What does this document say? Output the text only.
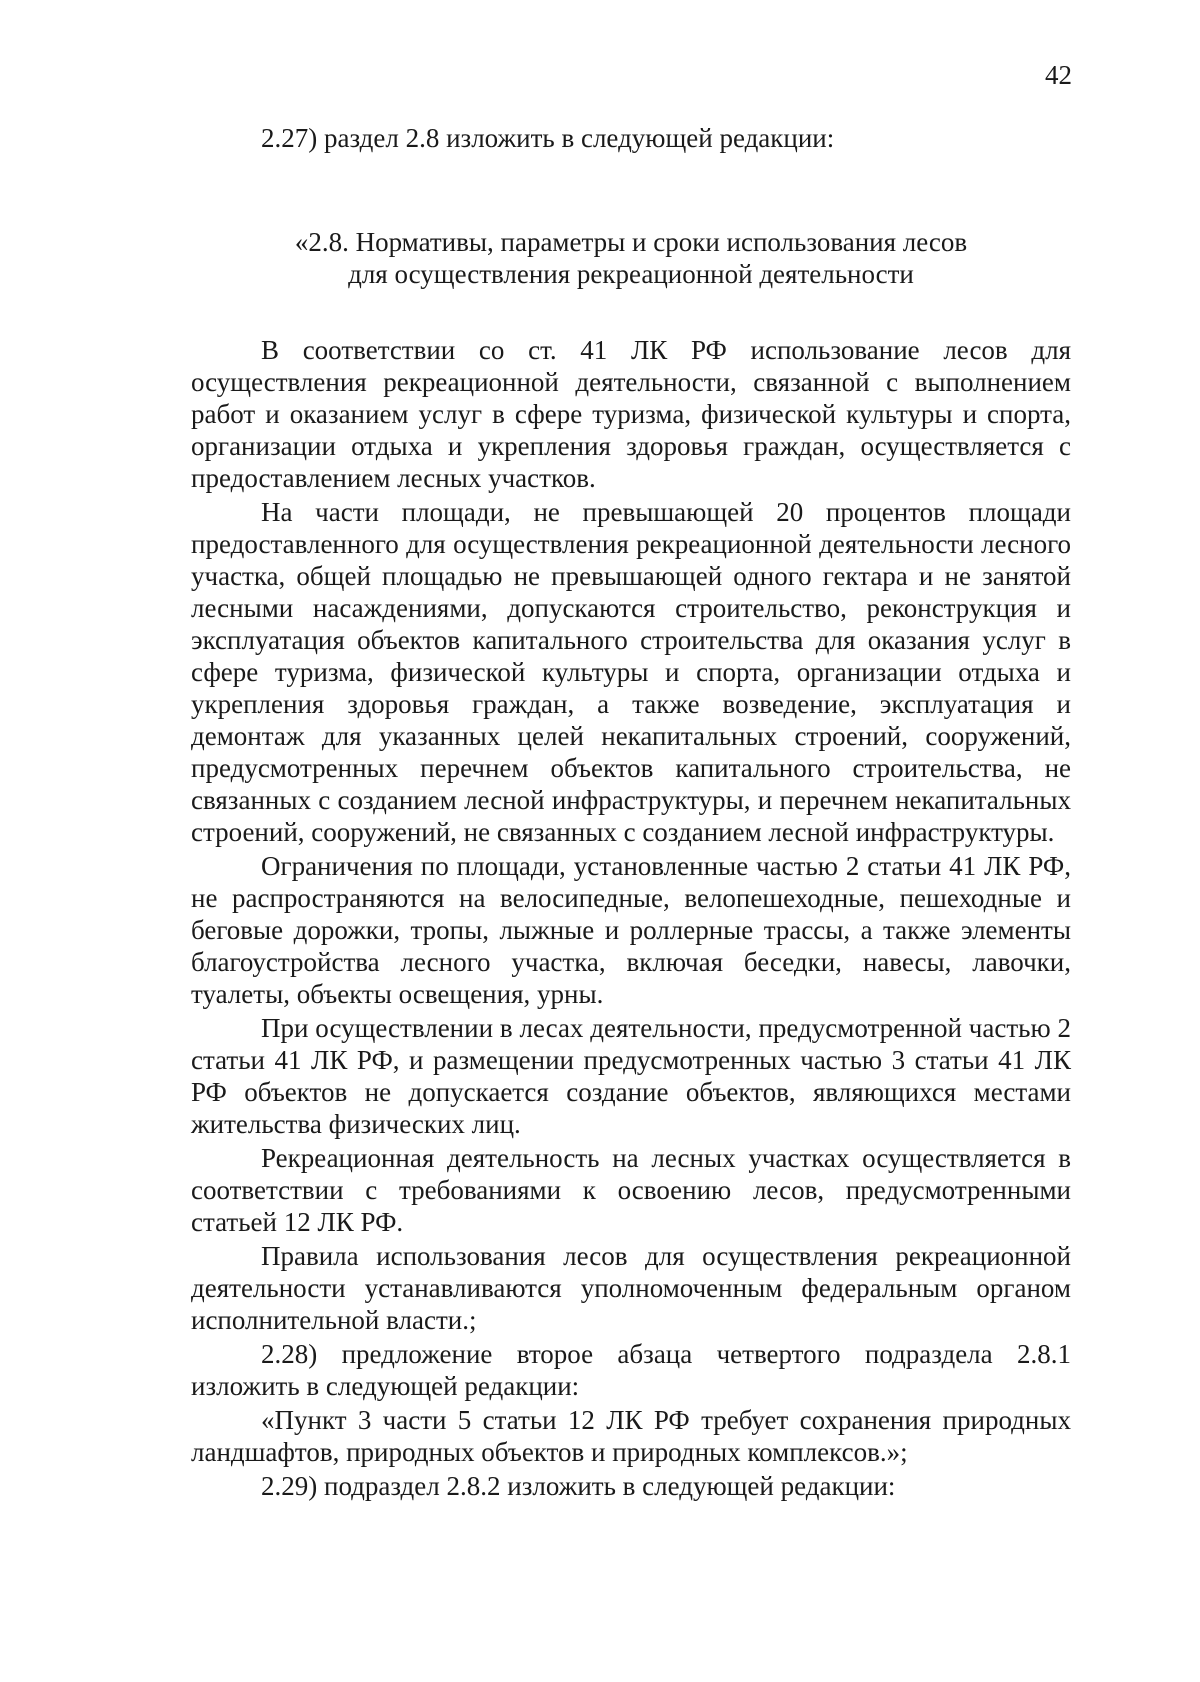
42

2.27) раздел 2.8 изложить в следующей редакции:

«2.8. Нормативы, параметры и сроки использования лесов
для осуществления рекреационной деятельности

В соответствии со ст. 41 ЛК РФ использование лесов для осуществления рекреационной деятельности, связанной с выполнением работ и оказанием услуг в сфере туризма, физической культуры и спорта, организации отдыха и укрепления здоровья граждан, осуществляется с предоставлением лесных участков.

На части площади, не превышающей 20 процентов площади предоставленного для осуществления рекреационной деятельности лесного участка, общей площадью не превышающей одного гектара и не занятой лесными насаждениями, допускаются строительство, реконструкция и эксплуатация объектов капитального строительства для оказания услуг в сфере туризма, физической культуры и спорта, организации отдыха и укрепления здоровья граждан, а также возведение, эксплуатация и демонтаж для указанных целей некапитальных строений, сооружений, предусмотренных перечнем объектов капитального строительства, не связанных с созданием лесной инфраструктуры, и перечнем некапитальных строений, сооружений, не связанных с созданием лесной инфраструктуры.

Ограничения по площади, установленные частью 2 статьи 41 ЛК РФ, не распространяются на велосипедные, велопешеходные, пешеходные и беговые дорожки, тропы, лыжные и роллерные трассы, а также элементы благоустройства лесного участка, включая беседки, навесы, лавочки, туалеты, объекты освещения, урны.

При осуществлении в лесах деятельности, предусмотренной частью 2 статьи 41 ЛК РФ, и размещении предусмотренных частью 3 статьи 41 ЛК РФ объектов не допускается создание объектов, являющихся местами жительства физических лиц.

Рекреационная деятельность на лесных участках осуществляется в соответствии с требованиями к освоению лесов, предусмотренными статьей 12 ЛК РФ.

Правила использования лесов для осуществления рекреационной деятельности устанавливаются уполномоченным федеральным органом исполнительной власти.;

2.28) предложение второе абзаца четвертого подраздела 2.8.1 изложить в следующей редакции:

«Пункт 3 части 5 статьи 12 ЛК РФ требует сохранения природных ландшафтов, природных объектов и природных комплексов.»;

2.29) подраздел 2.8.2 изложить в следующей редакции:
